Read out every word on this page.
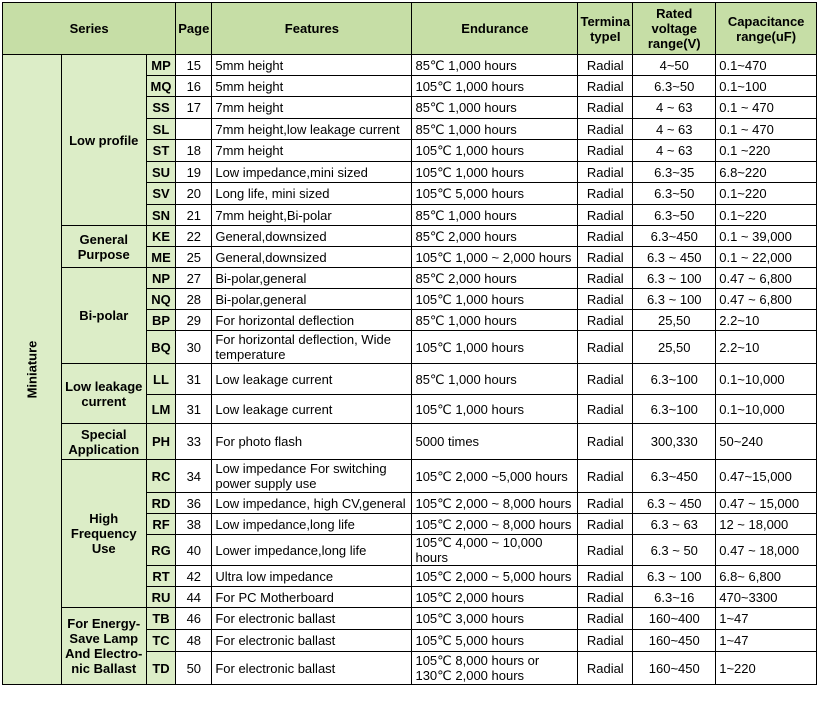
Series			Page	Features	Endurance	Termina typeI	Rated voltage range(V)	Capacitance range(uF)
Miniature	Low profile	MP	15	5mm height	85℃ 1,000 hours	Radial	4~50	0.1~470
		MQ	16	5mm height	105℃ 1,000 hours	Radial	6.3~50	0.1~100
		SS	17	7mm height	85℃ 1,000 hours	Radial	4 ~ 63	0.1 ~ 470
		SL		7mm height,low leakage current	85℃ 1,000 hours	Radial	4 ~ 63	0.1 ~ 470
		ST	18	7mm height	105℃ 1,000 hours	Radial	4 ~ 63	0.1 ~220
		SU	19	Low impedance,mini sized	105℃ 1,000 hours	Radial	6.3~35	6.8~220
		SV	20	Long life, mini sized	105℃ 5,000 hours	Radial	6.3~50	0.1~220
		SN	21	7mm height,Bi-polar	85℃ 1,000 hours	Radial	6.3~50	0.1~220
	General Purpose	KE	22	General,downsized	85℃ 2,000 hours	Radial	6.3~450	0.1 ~ 39,000
		ME	25	General,downsized	105℃ 1,000 ~ 2,000 hours	Radial	6.3 ~ 450	0.1 ~ 22,000
	Bi-polar	NP	27	Bi-polar,general	85℃ 2,000 hours	Radial	6.3 ~ 100	0.47 ~ 6,800
		NQ	28	Bi-polar,general	105℃ 1,000 hours	Radial	6.3 ~ 100	0.47 ~ 6,800
		BP	29	For horizontal deflection	85℃ 1,000 hours	Radial	25,50	2.2~10
		BQ	30	For horizontal deflection, Wide temperature	105℃ 1,000 hours	Radial	25,50	2.2~10
	Low leakage current	LL	31	Low leakage current	85℃ 1,000 hours	Radial	6.3~100	0.1~10,000
		LM	31	Low leakage current	105℃ 1,000 hours	Radial	6.3~100	0.1~10,000
	Special Application	PH	33	For photo flash	5000 times	Radial	300,330	50~240
	High Frequency Use	RC	34	Low impedance For switching power supply use	105℃ 2,000 ~5,000 hours	Radial	6.3~450	0.47~15,000
		RD	36	Low impedance, high CV,general	105℃ 2,000 ~ 8,000 hours	Radial	6.3 ~ 450	0.47 ~ 15,000
		RF	38	Low impedance,long life	105℃ 2,000 ~ 8,000 hours	Radial	6.3 ~ 63	12 ~ 18,000
		RG	40	Lower impedance,long life	105℃ 4,000 ~ 10,000 hours	Radial	6.3 ~ 50	0.47 ~ 18,000
		RT	42	Ultra low impedance	105℃ 2,000 ~ 5,000 hours	Radial	6.3 ~ 100	6.8~ 6,800
		RU	44	For PC Motherboard	105℃ 2,000 hours	Radial	6.3~16	470~3300
	For Energy-Save Lamp And Electro-nic Ballast	TB	46	For electronic ballast	105℃ 3,000 hours	Radial	160~400	1~47
		TC	48	For electronic ballast	105℃ 5,000 hours	Radial	160~450	1~47
		TD	50	For electronic ballast	105℃ 8,000 hours or 130℃ 2,000 hours	Radial	160~450	1~220
